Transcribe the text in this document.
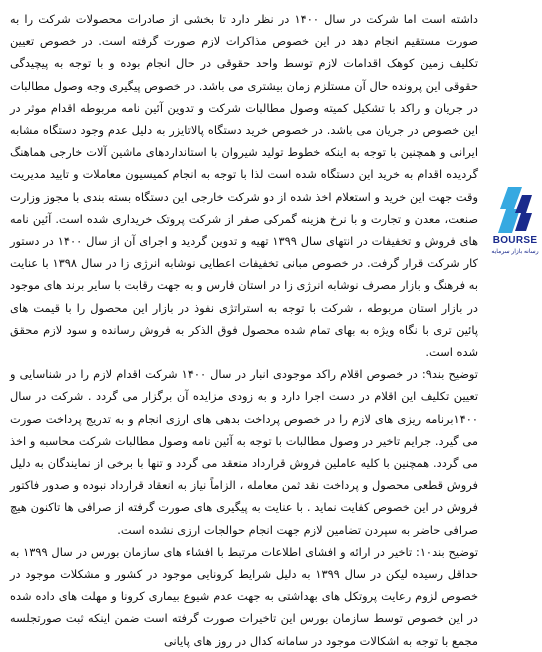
داشته است اما شرکت در سال ۱۴۰۰ در نظر دارد تا بخشی از صادرات محصولات شرکت را به صورت مستقیم انجام دهد در این خصوص مذاکرات لازم صورت گرفته است. در خصوص تعیین تکلیف زمین کوهک اقدامات لازم توسط واحد حقوقی در حال انجام بوده و با توجه به پیچیدگی حقوقی این پرونده حال آن مستلزم زمان بیشتری می باشد. در خصوص پیگیری وجه وصول مطالبات در جریان و راکد با تشکیل کمیته وصول مطالبات شرکت و تدوین آئین نامه مربوطه اقدام موثر در این خصوص در جریان می باشد. در خصوص خرید دستگاه پالاتایزر به دلیل عدم وجود دستگاه مشابه ایرانی و همچنین با توجه به اینکه خطوط تولید شیروان با استانداردهای ماشین آلات خارجی هماهنگ گردیده اقدام به خرید این دستگاه شده است لذا با توجه به انجام کمیسیون معاملات و تایید مدیریت وقت جهت این خرید و استعلام اخذ شده از دو شرکت خارجی این دستگاه بسته بندی با مجوز وزارت صنعت، معدن و تجارت و با نرخ هزینه گمرکی صفر از شرکت پروتک خریداری شده است. آئین نامه های فروش و تخفیفات در انتهای سال ۱۳۹۹ تهیه و تدوین گردید و اجرای آن از سال ۱۴۰۰ در دستور کار شرکت قرار گرفت. در خصوص مبانی تخفیفات اعطایی نوشابه انرژی زا در سال ۱۳۹۸ با عنایت به فرهنگ و بازار مصرف نوشابه انرژی زا در استان فارس و به جهت رقابت با سایر برند های موجود در بازار استان مربوطه ، شرکت با توجه به استراتژی نفوذ در بازار این محصول را با قیمت های پائین تری با نگاه ویژه به بهای تمام شده محصول فوق الذکر به فروش رسانده و سود لازم محقق شده است.

توضیح بند۹: در خصوص اقلام راکد موجودی انبار در سال ۱۴۰۰ شرکت اقدام لازم را در شناسایی و تعیین تکلیف این اقلام در دست اجرا دارد و به زودی مزایده آن برگزار می گردد . شرکت در سال ۱۴۰۰برنامه ریزی های لازم را در خصوص پرداخت بدهی های ارزی انجام و به تدریج پرداخت صورت می گیرد. جرایم تاخیر در وصول مطالبات با توجه به آئین نامه وصول مطالبات شرکت محاسبه و اخذ می گردد. همچنین با کلیه عاملین فروش قرارداد منعقد می گردد و تنها با برخی از نمایندگان به دلیل فروش قطعی محصول و پرداخت نقد ثمن معامله ، الزاماً نیاز به انعقاد قرارداد نبوده و صدور فاکتور فروش در این خصوص کفایت نماید . با عنایت به پیگیری های صورت گرفته از صرافی ها تاکنون هیچ صرافی حاضر به سپردن تضامین لازم جهت انجام حوالجات ارزی نشده است.

توضیح بند۱۰: تاخیر در ارائه و افشای اطلاعات مرتبط با افشاء های سازمان بورس در سال ۱۳۹۹ به حداقل رسیده لیکن در سال ۱۳۹۹ به دلیل شرایط کرونایی موجود در کشور و مشکلات موجود در خصوص لزوم رعایت پروتکل های بهداشتی به جهت عدم شیوع بیماری کرونا و مهلت های داده شده در این خصوص توسط سازمان بورس این تاخیرات صورت گرفته است ضمن اینکه ثبت صورتجلسه مجمع با توجه به اشکالات موجود در سامانه کدال در روز های پایانی

BOURSE
رسانه بازار سرمایه
